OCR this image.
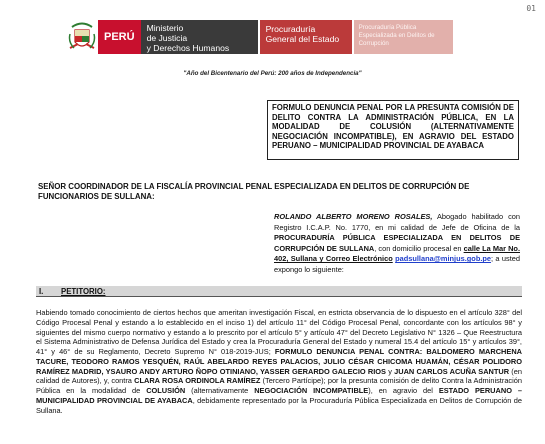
01
PERÚ
Ministerio
de Justicia
y Derechos Humanos
Procuraduría
General del Estado
Procuraduría Pública
Especializada en Delitos de
Corrupción
"Año del Bicentenario del Perú: 200 años de Independencia"
FORMULO DENUNCIA PENAL POR LA PRESUNTA COMISIÓN DE DELITO CONTRA LA ADMINISTRACIÓN PÚBLICA, EN LA MODALIDAD DE COLUSIÓN (ALTERNATIVAMENTE NEGOCIACIÓN INCOMPATIBLE), EN AGRAVIO DEL ESTADO PERUANO – MUNICIPALIDAD PROVINCIAL DE AYABACA
SEÑOR COORDINADOR DE LA FISCALÍA PROVINCIAL PENAL ESPECIALIZADA EN DELITOS DE CORRUPCIÓN DE FUNCIONARIOS DE SULLANA:
ROLANDO ALBERTO MORENO ROSALES, Abogado habilitado con Registro I.C.A.P. No. 1770, en mi calidad de Jefe de Oficina de la PROCURADURÍA PÚBLICA ESPECIALIZADA EN DELITOS DE CORRUPCIÓN DE SULLANA, con domicilio procesal en calle La Mar No. 402, Sullana y Correo Electrónico padsullana@minjus.gob.pe; a usted expongo lo siguiente:
I. PETITORIO:
Habiendo tomado conocimiento de ciertos hechos que ameritan investigación Fiscal, en estricta observancia de lo dispuesto en el artículo 328° del Código Procesal Penal y estando a lo establecido en el inciso 1) del artículo 11° del Código Procesal Penal, concordante con los artículos 98° y siguientes del mismo cuerpo normativo y estando a lo prescrito por el artículo 5° y artículo 47° del Decreto Legislativo N° 1326 – Que Reestructura el Sistema Administrativo de Defensa Jurídica del Estado y crea la Procuraduría General del Estado y numeral 15.4 del artículo 15° y artículos 39°, 41° y 46° de su Reglamento, Decreto Supremo N° 018-2019-JUS; FORMULO DENUNCIA PENAL CONTRA: BALDOMERO MARCHENA TACURE, TEODORO RAMOS YESQUÉN, RAÚL ABELARDO REYES PALACIOS, JULIO CÉSAR CHICOMA HUAMÁN, CÉSAR POLIDORO RAMÍREZ MADRID, YSAURO ANDY ARTURO ÑOPO OTINIANO, YASSER GERARDO GALECIO RIOS y JUAN CARLOS ACUÑA SANTUR (en calidad de Autores), y, contra CLARA ROSA ORDINOLA RAMÍREZ (Tercero Partícipe); por la presunta comisión de delito Contra la Administración Pública en la modalidad de COLUSIÓN (alternativamente NEGOCIACIÓN INCOMPATIBLE), en agravio del ESTADO PERUANO – MUNICIPALIDAD PROVINCIAL DE AYABACA, debidamente representado por la Procuraduría Pública Especializada en Delitos de Corrupción de Sullana.
